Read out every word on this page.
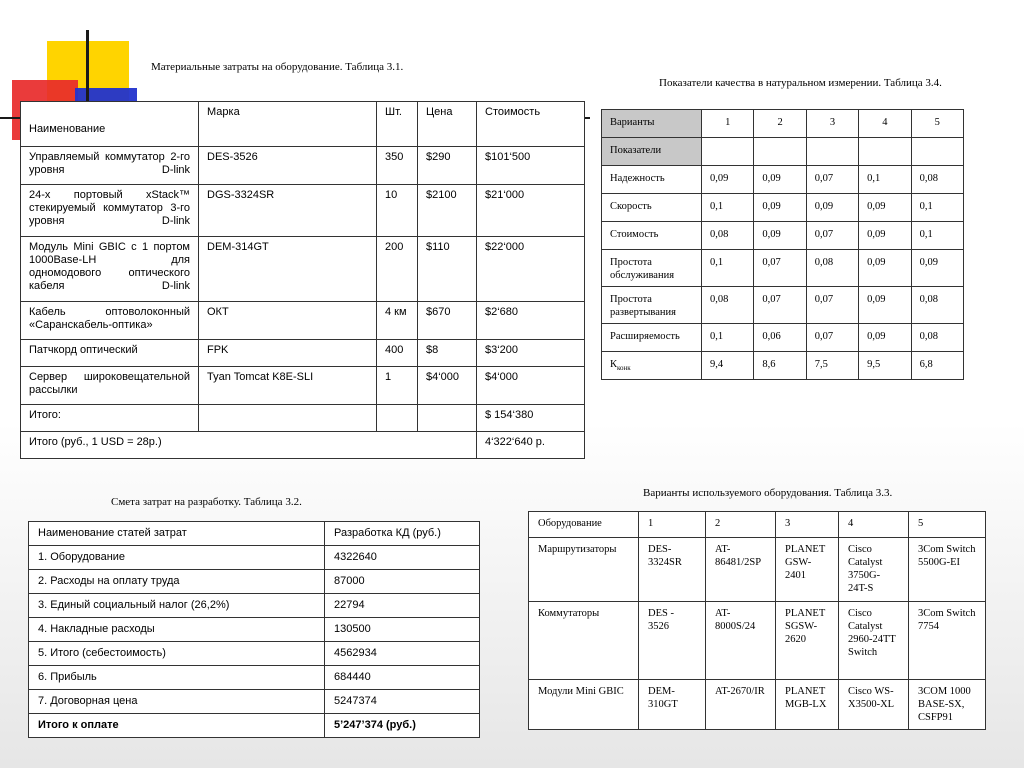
Материальные затраты на оборудование. Таблица 3.1.
Показатели качества в натуральном измерении. Таблица 3.4.
Смета затрат на разработку. Таблица 3.2.
Варианты используемого оборудования. Таблица 3.3.
Наименование	Марка	Шт.	Цена	Стоимость
Управляемый коммутатор 2-го уровня D-link	DES-3526	350	$290	$101‘500
24-х портовый xStack™ стекируемый коммутатор 3-го уровня D-link	DGS-3324SR	10	$2100	$21‘000
Модуль Mini GBIC с 1 портом 1000Base-LH для одномодового оптического кабеля D-link	DEM-314GT	200	$110	$22‘000
Кабель оптоволоконный «Саранскабель-оптика»	ОКТ	4 км	$670	$2‘680
Патчкорд оптический	FPK	400	$8	$3‘200
Сервер широковещательной рассылки	Tyan Tomcat K8E-SLI	1	$4‘000	$4‘000
Итого:				$ 154‘380
Итого (руб., 1 USD = 28р.)				4‘322‘640 р.
Варианты	1	2	3	4	5
Показатели					
Надежность	0,09	0,09	0,07	0,1	0,08
Скорость	0,1	0,09	0,09	0,09	0,1
Стоимость	0,08	0,09	0,07	0,09	0,1
Простота обслуживания	0,1	0,07	0,08	0,09	0,09
Простота развертывания	0,08	0,07	0,07	0,09	0,08
Расширяемость	0,1	0,06	0,07	0,09	0,08
$К_{конк}$	9,4	8,6	7,5	9,5	6,8
Наименование статей затрат	Разработка КД (руб.)
1. Оборудование	4322640
2. Расходы на оплату труда	87000
3. Единый социальный налог (26,2%)	22794
4. Накладные расходы	130500
5. Итого (себестоимость)	4562934
6. Прибыль	684440
7. Договорная цена	5247374
Итого к оплате	5’247’374 (руб.)
Оборудование	1	2	3	4	5
Маршрутизаторы	DES-3324SR	AT-86481/2SP	PLANET GSW-2401	Cisco Catalyst 3750G-24T-S	3Com Switch 5500G-EI
Коммутаторы	DES - 3526	AT-8000S/24	PLANET SGSW-2620	Cisco Catalyst 2960-24TT Switch	3Com Switch 7754
Модули Mini GBIC	DEM-310GT	AT-2670/IR	PLANET MGB-LX	Cisco WS-X3500-XL	3COM 1000 BASE-SX, CSFP91
